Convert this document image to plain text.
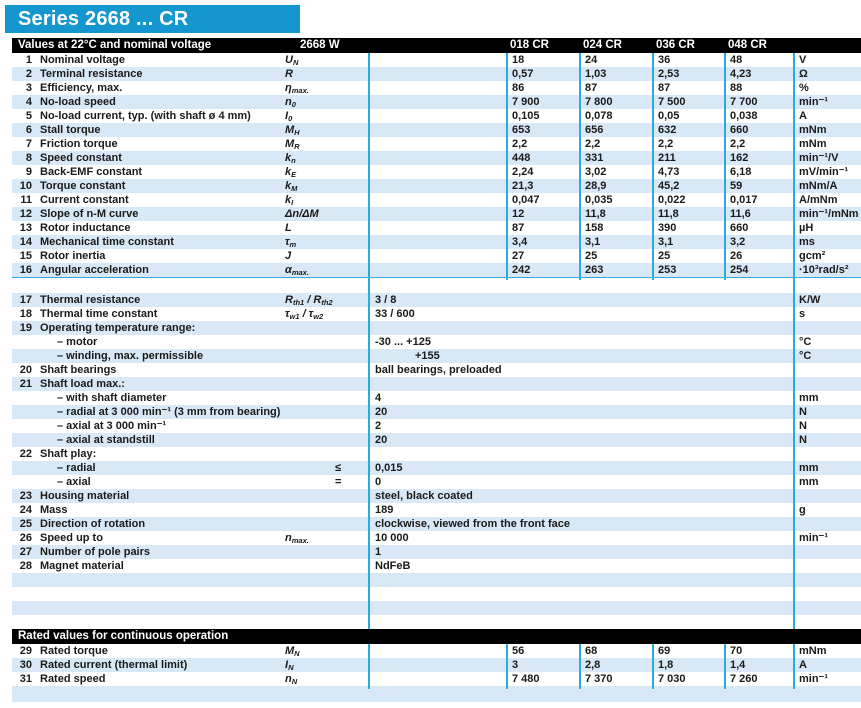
Series 2668 ... CR
Values at 22°C and nominal voltage	2668 W	018 CR	024 CR	036 CR	048 CR
1 Nominal voltage	$U_N$	18	24	36	48	V
2 Terminal resistance	R	0,57	1,03	2,53	4,23	Ω
3 Efficiency, max.	$\eta_{max.}$	86	87	87	88	%
4 No-load speed	$n_0$	7 900	7 800	7 500	7 700	min⁻¹
5 No-load current, typ. (with shaft ø 4 mm)	$I_0$	0,105	0,078	0,05	0,038	A
6 Stall torque	$M_H$	653	656	632	660	mNm
7 Friction torque	$M_R$	2,2	2,2	2,2	2,2	mNm
8 Speed constant	$k_n$	448	331	211	162	min⁻¹/V
9 Back-EMF constant	$k_E$	2,24	3,02	4,73	6,18	mV/min⁻¹
10 Torque constant	$k_M$	21,3	28,9	45,2	59	mNm/A
11 Current constant	$k_I$	0,047	0,035	0,022	0,017	A/mNm
12 Slope of n-M curve	Δn/ΔM	12	11,8	11,8	11,6	min⁻¹/mNm
13 Rotor inductance	L	87	158	390	660	µH
14 Mechanical time constant	$\tau_m$	3,4	3,1	3,1	3,2	ms
15 Rotor inertia	J	27	25	25	26	gcm²
16 Angular acceleration	$\alpha_{max.}$	242	263	253	254	·10³rad/s²
17 Thermal resistance	$R_{th1} / R_{th2}$	3 / 8	K/W
18 Thermal time constant	$\tau_{w1} / \tau_{w2}$	33 / 600	s
19 Operating temperature range:
– motor	-30 ... +125	°C
– winding, max. permissible	+155	°C
20 Shaft bearings	ball bearings, preloaded
21 Shaft load max.:
– with shaft diameter	4	mm
– radial at 3 000 min⁻¹ (3 mm from bearing)	20	N
– axial at 3 000 min⁻¹	2	N
– axial at standstill	20	N
22 Shaft play:
– radial	≤	0,015	mm
– axial	=	0	mm
23 Housing material	steel, black coated
24 Mass	189	g
25 Direction of rotation	clockwise, viewed from the front face
26 Speed up to	$n_{max.}$	10 000	min⁻¹
27 Number of pole pairs	1
28 Magnet material	NdFeB
Rated values for continuous operation
29 Rated torque	$M_N$	56	68	69	70	mNm
30 Rated current (thermal limit)	$I_N$	3	2,8	1,8	1,4	A
31 Rated speed	$n_N$	7 480	7 370	7 030	7 260	min⁻¹
